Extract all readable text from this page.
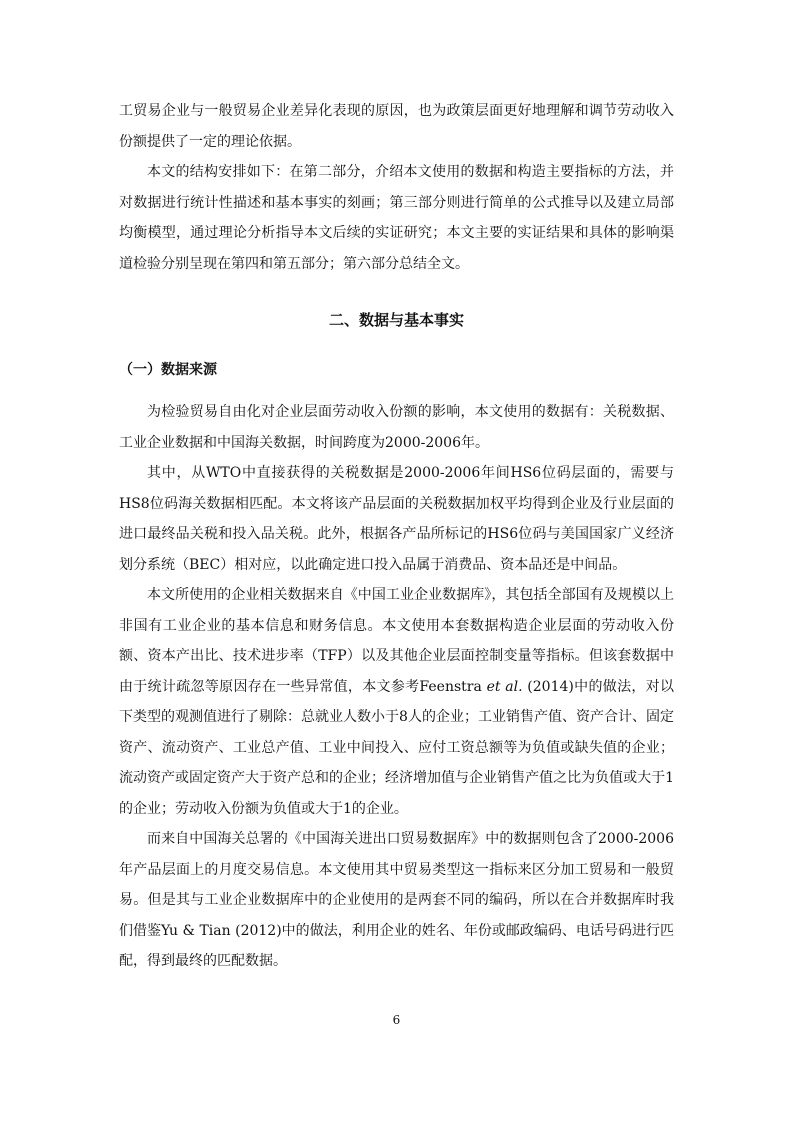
工贸易企业与一般贸易企业差异化表现的原因，也为政策层面更好地理解和调节劳动收入份额提供了一定的理论依据。

本文的结构安排如下：在第二部分，介绍本文使用的数据和构造主要指标的方法，并对数据进行统计性描述和基本事实的刻画；第三部分则进行简单的公式推导以及建立局部均衡模型，通过理论分析指导本文后续的实证研究；本文主要的实证结果和具体的影响渠道检验分别呈现在第四和第五部分；第六部分总结全文。

二、数据与基本事实
（一）数据来源

为检验贸易自由化对企业层面劳动收入份额的影响，本文使用的数据有：关税数据、工业企业数据和中国海关数据，时间跨度为2000-2006年。

其中，从WTO中直接获得的关税数据是2000-2006年间HS6位码层面的，需要与HS8位码海关数据相匹配。本文将该产品层面的关税数据加权平均得到企业及行业层面的进口最终品关税和投入品关税。此外，根据各产品所标记的HS6位码与美国国家广义经济划分系统（BEC）相对应，以此确定进口投入品属于消费品、资本品还是中间品。

本文所使用的企业相关数据来自《中国工业企业数据库》，其包括全部国有及规模以上非国有工业企业的基本信息和财务信息。本文使用本套数据构造企业层面的劳动收入份额、资本产出比、技术进步率（TFP）以及其他企业层面控制变量等指标。但该套数据中由于统计疏忽等原因存在一些异常值，本文参考Feenstra et al. (2014)中的做法，对以下类型的观测值进行了剔除：总就业人数小于8人的企业；工业销售产值、资产合计、固定资产、流动资产、工业总产值、工业中间投入、应付工资总额等为负值或缺失值的企业；流动资产或固定资产大于资产总和的企业；经济增加值与企业销售产值之比为负值或大于1的企业；劳动收入份额为负值或大于1的企业。

而来自中国海关总署的《中国海关进出口贸易数据库》中的数据则包含了2000-2006年产品层面上的月度交易信息。本文使用其中贸易类型这一指标来区分加工贸易和一般贸易。但是其与工业企业数据库中的企业使用的是两套不同的编码，所以在合并数据库时我们借鉴Yu & Tian (2012)中的做法，利用企业的姓名、年份或邮政编码、电话号码进行匹配，得到最终的匹配数据。

6
